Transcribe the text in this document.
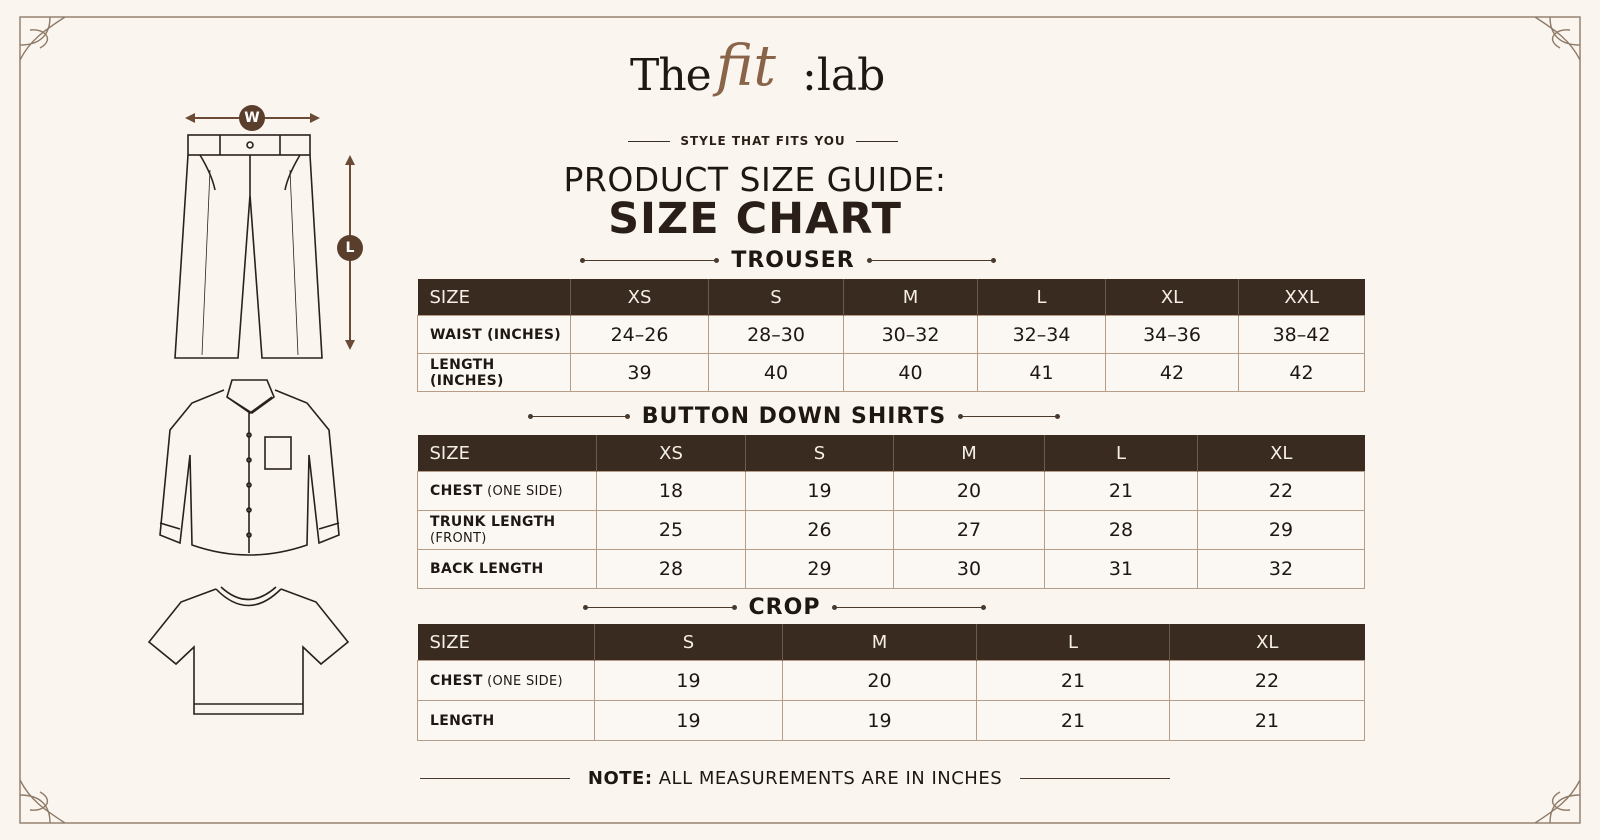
W
L
The fit :lab
STYLE THAT FITS YOU
PRODUCT SIZE GUIDE:
SIZE CHART
TROUSER
SIZE	XS	S	M	L	XL	XXL
WAIST (INCHES)	24–26	28–30	30–32	32–34	34–36	38–42
LENGTH (INCHES)	39	40	40	41	42	42
BUTTON DOWN SHIRTS
SIZE	XS	S	M	L	XL
CHEST (ONE SIDE)	18	19	20	21	22
TRUNK LENGTH (FRONT)	25	26	27	28	29
BACK LENGTH	28	29	30	31	32
CROP
SIZE	S	M	L	XL
CHEST (ONE SIDE)	19	20	21	22
LENGTH	19	19	21	21
NOTE: ALL MEASUREMENTS ARE IN INCHES
